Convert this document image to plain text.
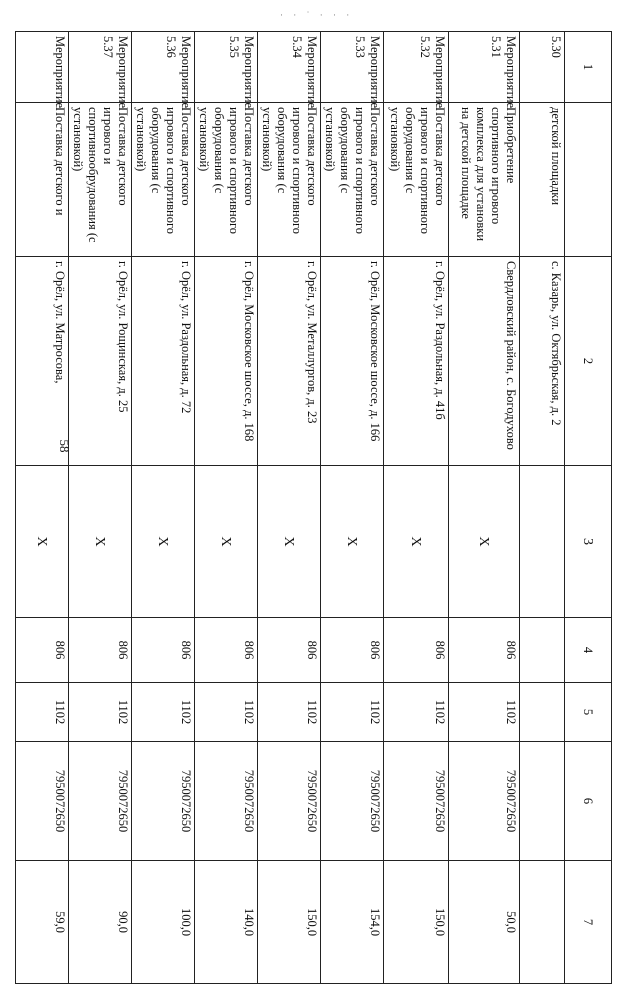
· · ˙ · · ·
58
1		2	3	4	5	6	7
5.30	детской площадки	с. Казарь, ул. Октябрьская, д. 2					
Мероприятие 5.31	Приобретение спортивного игрового комплекса для установки на детской площадке	Свердловский район, с. Богодухово	Х	806	1102	7950072650	50,0
Мероприятие 5.32	Поставка детского игрового и спортивного оборудования (с установкой)	г. Орёл, ул. Раздольная, д. 41б	Х	806	1102	7950072650	150,0
Мероприятие 5.33	Поставка детского игрового и спортивного оборудования (с установкой)	г. Орёл, Московское шоссе, д. 166	Х	806	1102	7950072650	154,0
Мероприятие 5.34	Поставка детского игрового и спортивного оборудования (с установкой)	г. Орёл, ул. Металлургов, д. 23	Х	806	1102	7950072650	150,0
Мероприятие 5.35	Поставка детского игрового и спортивного оборудования (с установкой)	г. Орёл, Московское шоссе, д. 168	Х	806	1102	7950072650	140,0
Мероприятие 5.36	Поставка детского игрового и спортивного оборудования (с установкой)	г. Орёл, ул. Раздольная, д. 72	Х	806	1102	7950072650	100,0
Мероприятие 5.37	Поставка детского игрового и спортивнообрудования (с установкой)	г. Орёл, ул. Рощинская, д. 25	Х	806	1102	7950072650	90,0
Мероприятие	Поставка детского и	г. Орёл, ул. Матросова,	Х	806	1102	7950072650	59,0
